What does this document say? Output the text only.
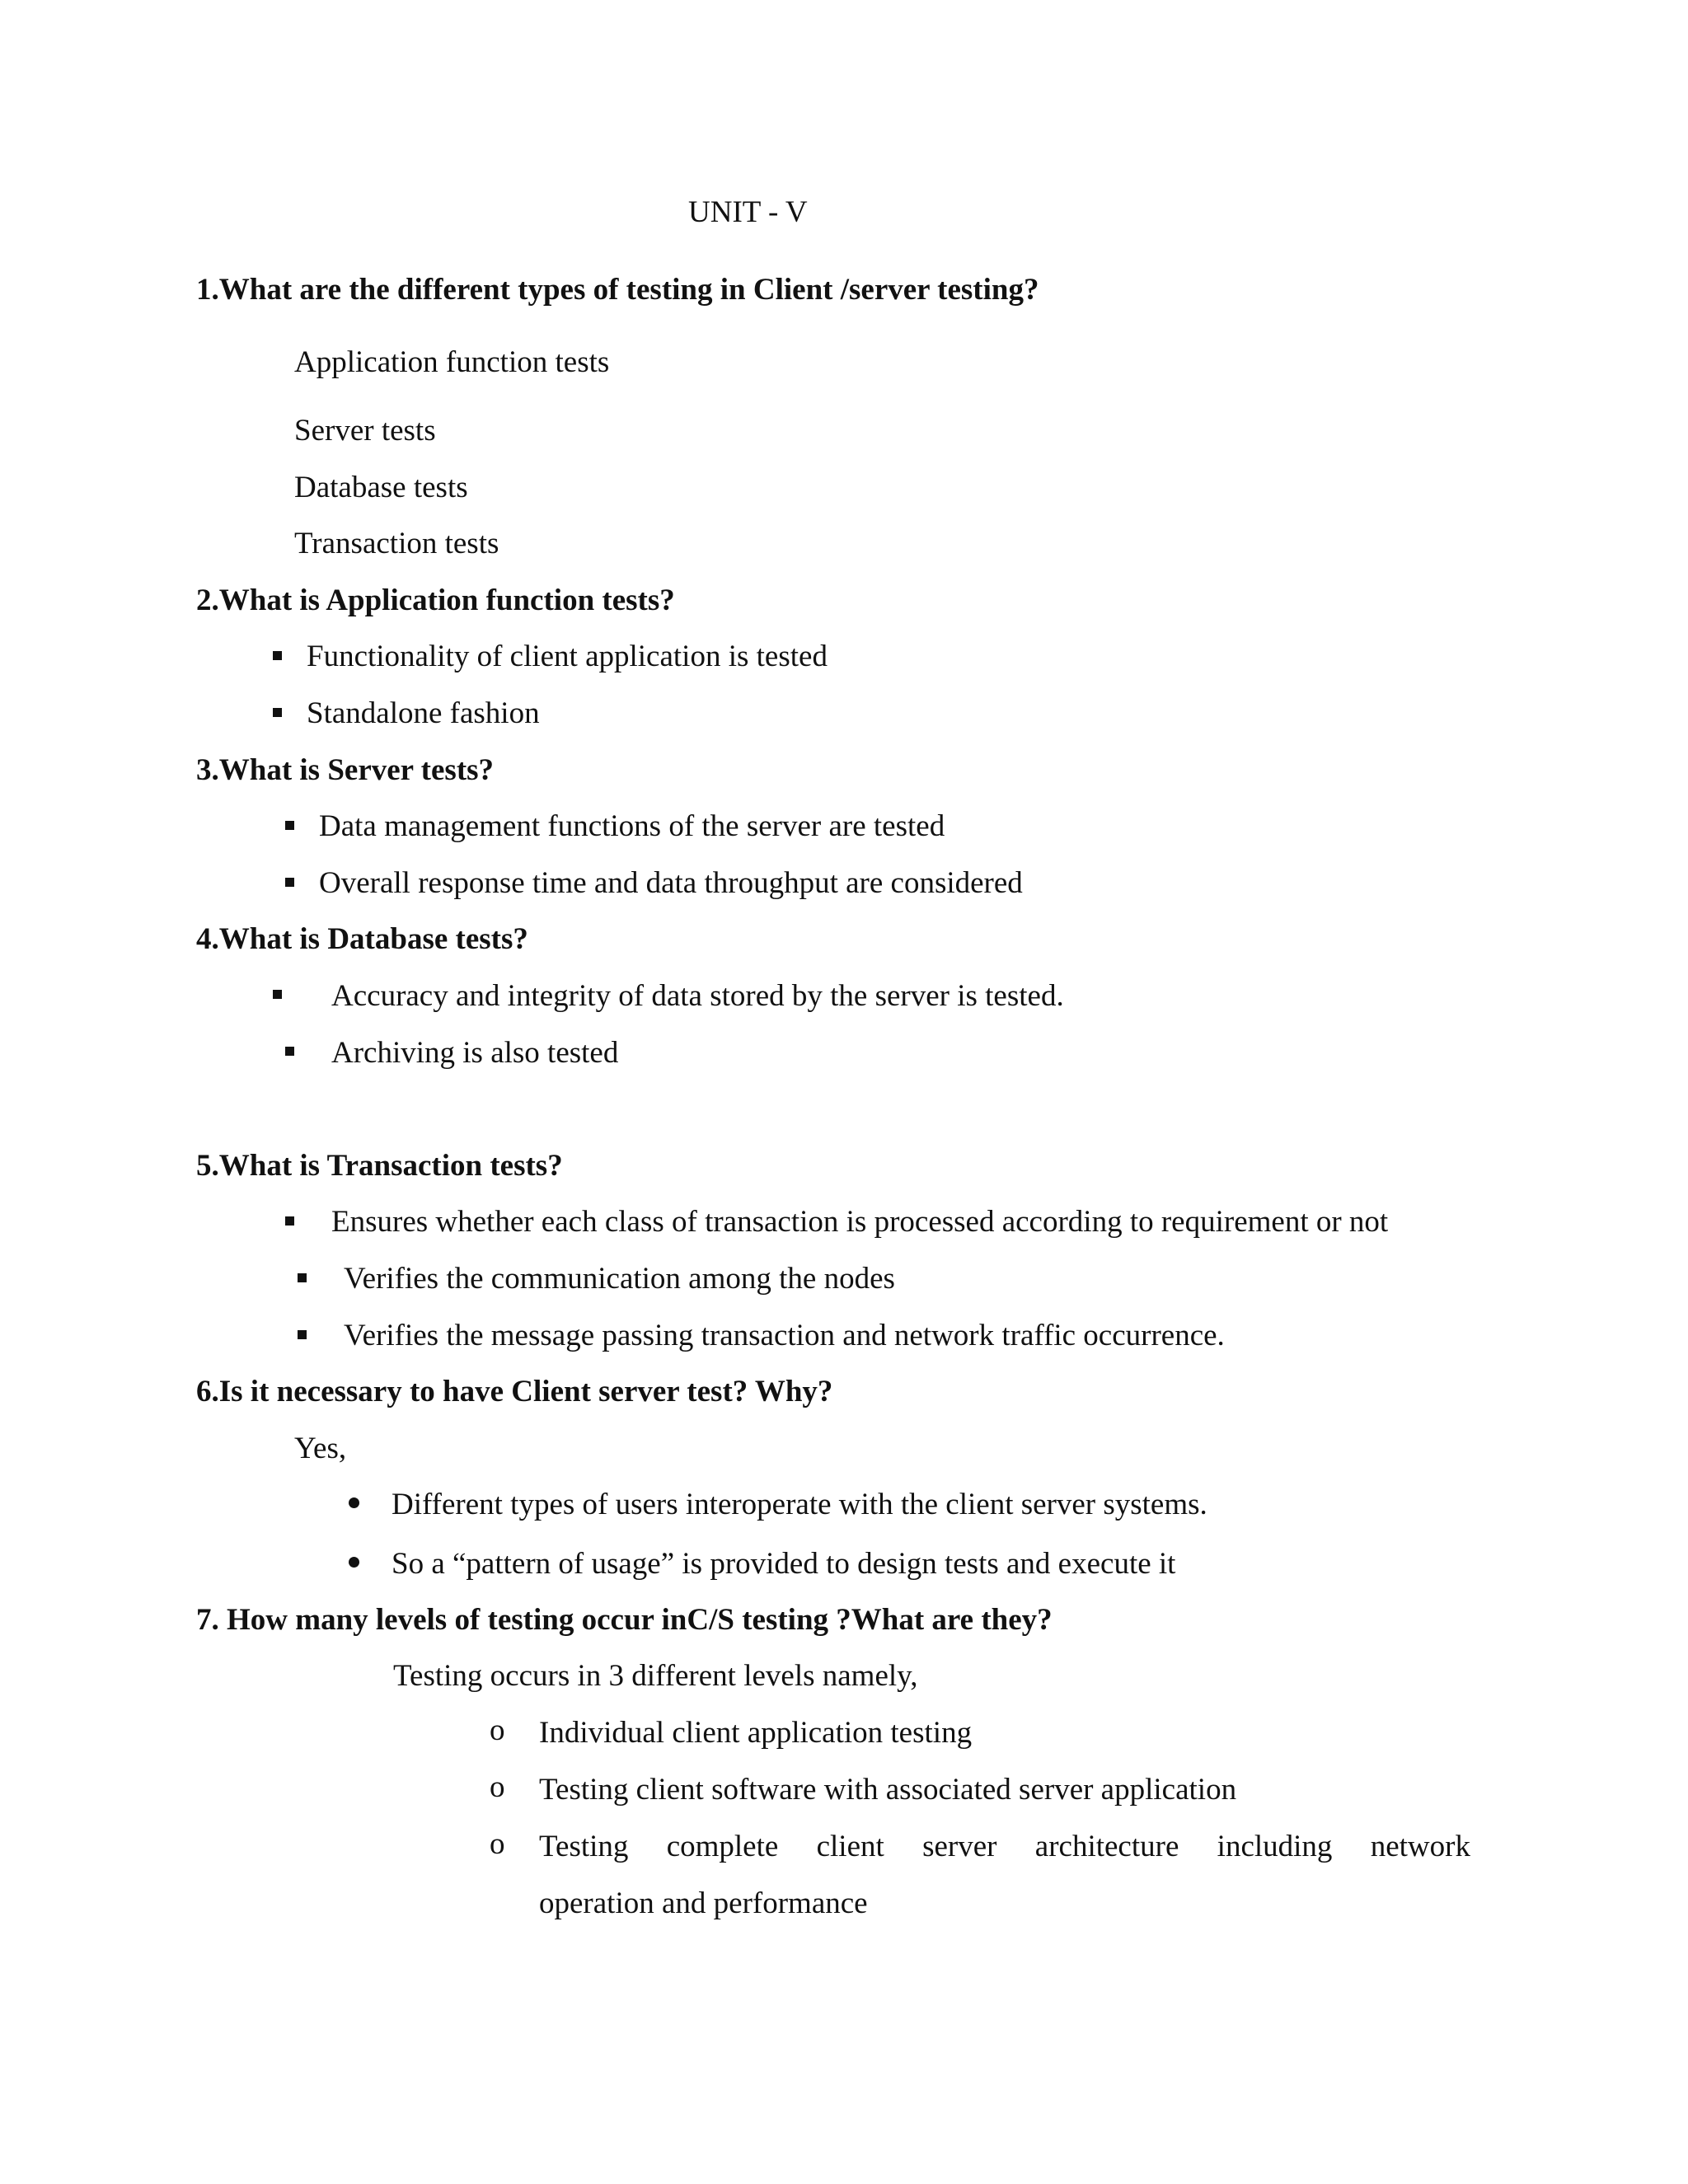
UNIT - V
1.What are the different types of testing in Client /server testing?
Application function tests
Server tests
Database tests
Transaction tests
2.What is Application function tests?
Functionality of client application is tested
Standalone fashion
3.What is Server tests?
Data management functions of the server are tested
Overall response time and data throughput are considered
4.What is Database tests?
Accuracy and integrity of data stored by the server is tested.
Archiving is also tested
5.What is Transaction tests?
Ensures whether each class of transaction is processed according to requirement or not
Verifies the communication among the nodes
Verifies the message passing transaction and network traffic occurrence.
6.Is it necessary to have Client server test? Why?
Yes,
Different types of users interoperate with the client server systems.
So a “pattern of usage” is provided to design tests and execute it
7. How many levels of testing occur inC/S testing ?What are they?
Testing occurs in 3 different levels namely,
o Individual client application testing
o Testing client software with associated server application
o Testing complete client server architecture including network
operation and performance
